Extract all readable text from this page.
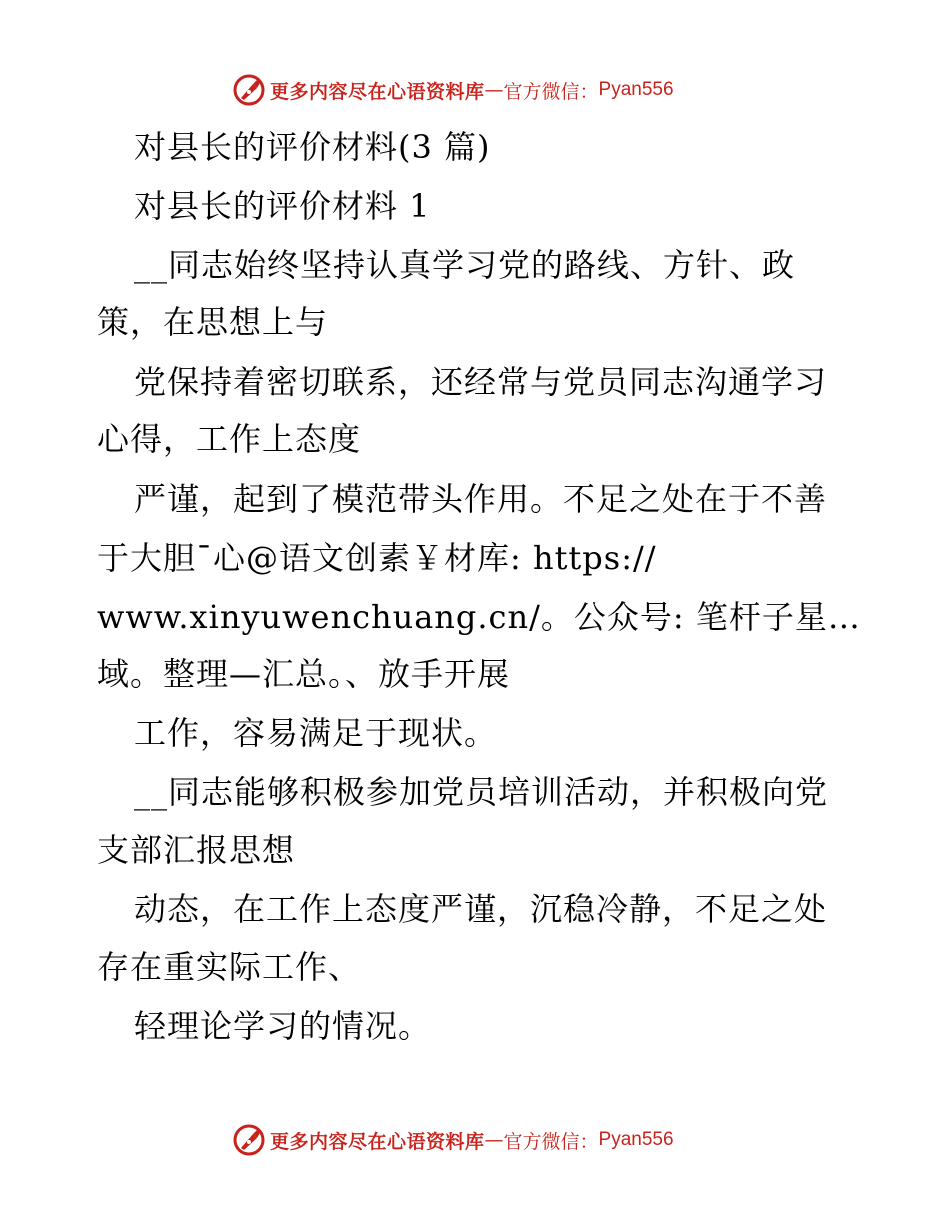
更多内容尽在心语资料库 — 官方微信： Pyan556
对县长的评价材料(3 篇)
对县长的评价材料 1
__同志始终坚持认真学习党的路线、方针、政
策，在思想上与
党保持着密切联系，还经常与党员同志沟通学习
心得，工作上态度
严谨，起到了模范带头作用。不足之处在于不善
于大胆¯心@语文创素￥材库: https://
www.xinyuwenchuang.cn/。公众号: 笔杆子星…
域。整理—汇总。、放手开展
工作，容易满足于现状。
__同志能够积极参加党员培训活动，并积极向党
支部汇报思想
动态，在工作上态度严谨，沉稳冷静，不足之处
存在重实际工作、
轻理论学习的情况。
更多内容尽在心语资料库 — 官方微信： Pyan556
